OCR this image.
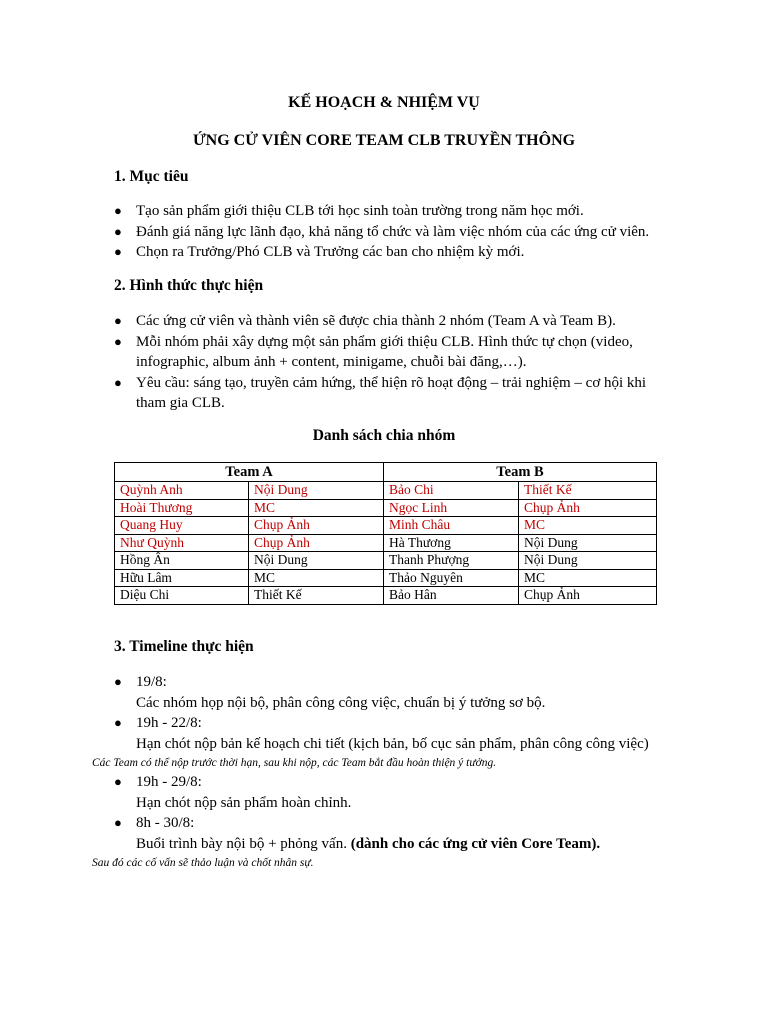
KẾ HOẠCH & NHIỆM VỤ
ỨNG CỬ VIÊN CORE TEAM CLB TRUYỀN THÔNG
1. Mục tiêu
● Tạo sản phẩm giới thiệu CLB tới học sinh toàn trường trong năm học mới.
● Đánh giá năng lực lãnh đạo, khả năng tổ chức và làm việc nhóm của các ứng cử viên.
● Chọn ra Trưởng/Phó CLB và Trưởng các ban cho nhiệm kỳ mới.
2. Hình thức thực hiện
● Các ứng cử viên và thành viên sẽ được chia thành 2 nhóm (Team A và Team B).
● Mỗi nhóm phải xây dựng một sản phẩm giới thiệu CLB. Hình thức tự chọn (video, infographic, album ảnh + content, minigame, chuỗi bài đăng,…).
● Yêu cầu: sáng tạo, truyền cảm hứng, thể hiện rõ hoạt động – trải nghiệm – cơ hội khi tham gia CLB.
Danh sách chia nhóm
Team A		Team B	
Quỳnh Anh	Nội Dung	Bảo Chi	Thiết Kế
Hoài Thương	MC	Ngọc Linh	Chụp Ảnh
Quang Huy	Chụp Ảnh	Minh Châu	MC
Như Quỳnh	Chụp Ảnh	Hà Thương	Nội Dung
Hồng Ân	Nội Dung	Thanh Phượng	Nội Dung
Hữu Lâm	MC	Thảo Nguyên	MC
Diệu Chi	Thiết Kế	Bảo Hân	Chụp Ảnh
3. Timeline thực hiện
● 19/8:
Các nhóm họp nội bộ, phân công công việc, chuẩn bị ý tưởng sơ bộ.
● 19h - 22/8:
Hạn chót nộp bản kế hoạch chi tiết (kịch bản, bố cục sản phẩm, phân công công việc)
Các Team có thể nộp trước thời hạn, sau khi nộp, các Team bắt đầu hoàn thiện ý tưởng.
● 19h - 29/8:
Hạn chót nộp sản phẩm hoàn chỉnh.
● 8h - 30/8:
Buổi trình bày nội bộ + phỏng vấn. (dành cho các ứng cử viên Core Team).
Sau đó các cố vấn sẽ thảo luận và chốt nhân sự.
